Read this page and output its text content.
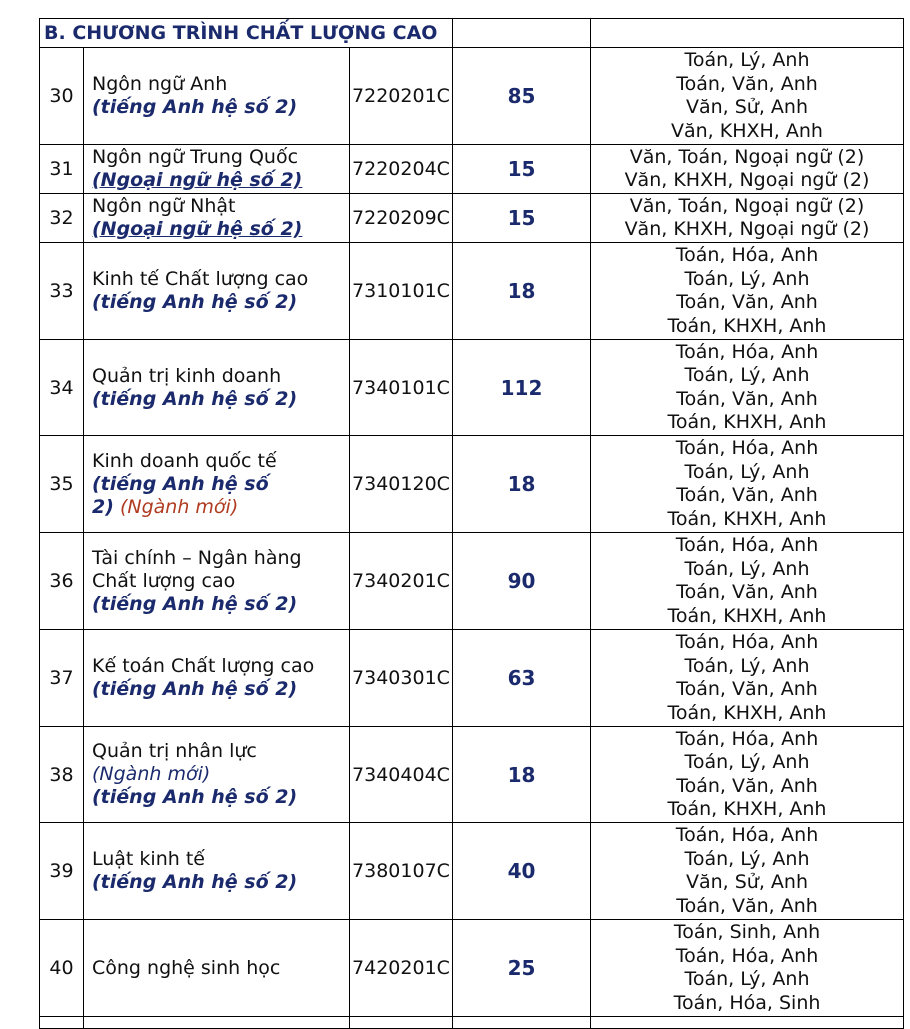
B. CHƯƠNG TRÌNH CHẤT LƯỢNG CAO				
30	Ngôn ngữ Anh
(tiếng Anh hệ số 2)	7220201C	85	Toán, Lý, Anh
Toán, Văn, Anh
Văn, Sử, Anh
Văn, KHXH, Anh

31	Ngôn ngữ Trung Quốc
(Ngoại ngữ hệ số 2)	7220204C	15	Văn, Toán, Ngoại ngữ (2)
Văn, KHXH, Ngoại ngữ (2)

32	Ngôn ngữ Nhật
(Ngoại ngữ hệ số 2)	7220209C	15	Văn, Toán, Ngoại ngữ (2)
Văn, KHXH, Ngoại ngữ (2)

33	Kinh tế Chất lượng cao
(tiếng Anh hệ số 2)	7310101C	18	Toán, Hóa, Anh
Toán, Lý, Anh
Toán, Văn, Anh
Toán, KHXH, Anh

34	Quản trị kinh doanh
(tiếng Anh hệ số 2)	7340101C	112	Toán, Hóa, Anh
Toán, Lý, Anh
Toán, Văn, Anh
Toán, KHXH, Anh

35	Kinh doanh quốc tế
(tiếng Anh hệ số
2) (Ngành mới)	7340120C	18	Toán, Hóa, Anh
Toán, Lý, Anh
Toán, Văn, Anh
Toán, KHXH, Anh

36	Tài chính – Ngân hàng
Chất lượng cao
(tiếng Anh hệ số 2)	7340201C	90	Toán, Hóa, Anh
Toán, Lý, Anh
Toán, Văn, Anh
Toán, KHXH, Anh

37	Kế toán Chất lượng cao
(tiếng Anh hệ số 2)	7340301C	63	Toán, Hóa, Anh
Toán, Lý, Anh
Toán, Văn, Anh
Toán, KHXH, Anh

38	Quản trị nhân lực
(Ngành mới)
(tiếng Anh hệ số 2)	7340404C	18	Toán, Hóa, Anh
Toán, Lý, Anh
Toán, Văn, Anh
Toán, KHXH, Anh

39	Luật kinh tế
(tiếng Anh hệ số 2)	7380107C	40	Toán, Hóa, Anh
Toán, Lý, Anh
Văn, Sử, Anh
Toán, Văn, Anh

40	Công nghệ sinh học	7420201C	25	Toán, Sinh, Anh
Toán, Hóa, Anh
Toán, Lý, Anh
Toán, Hóa, Sinh
